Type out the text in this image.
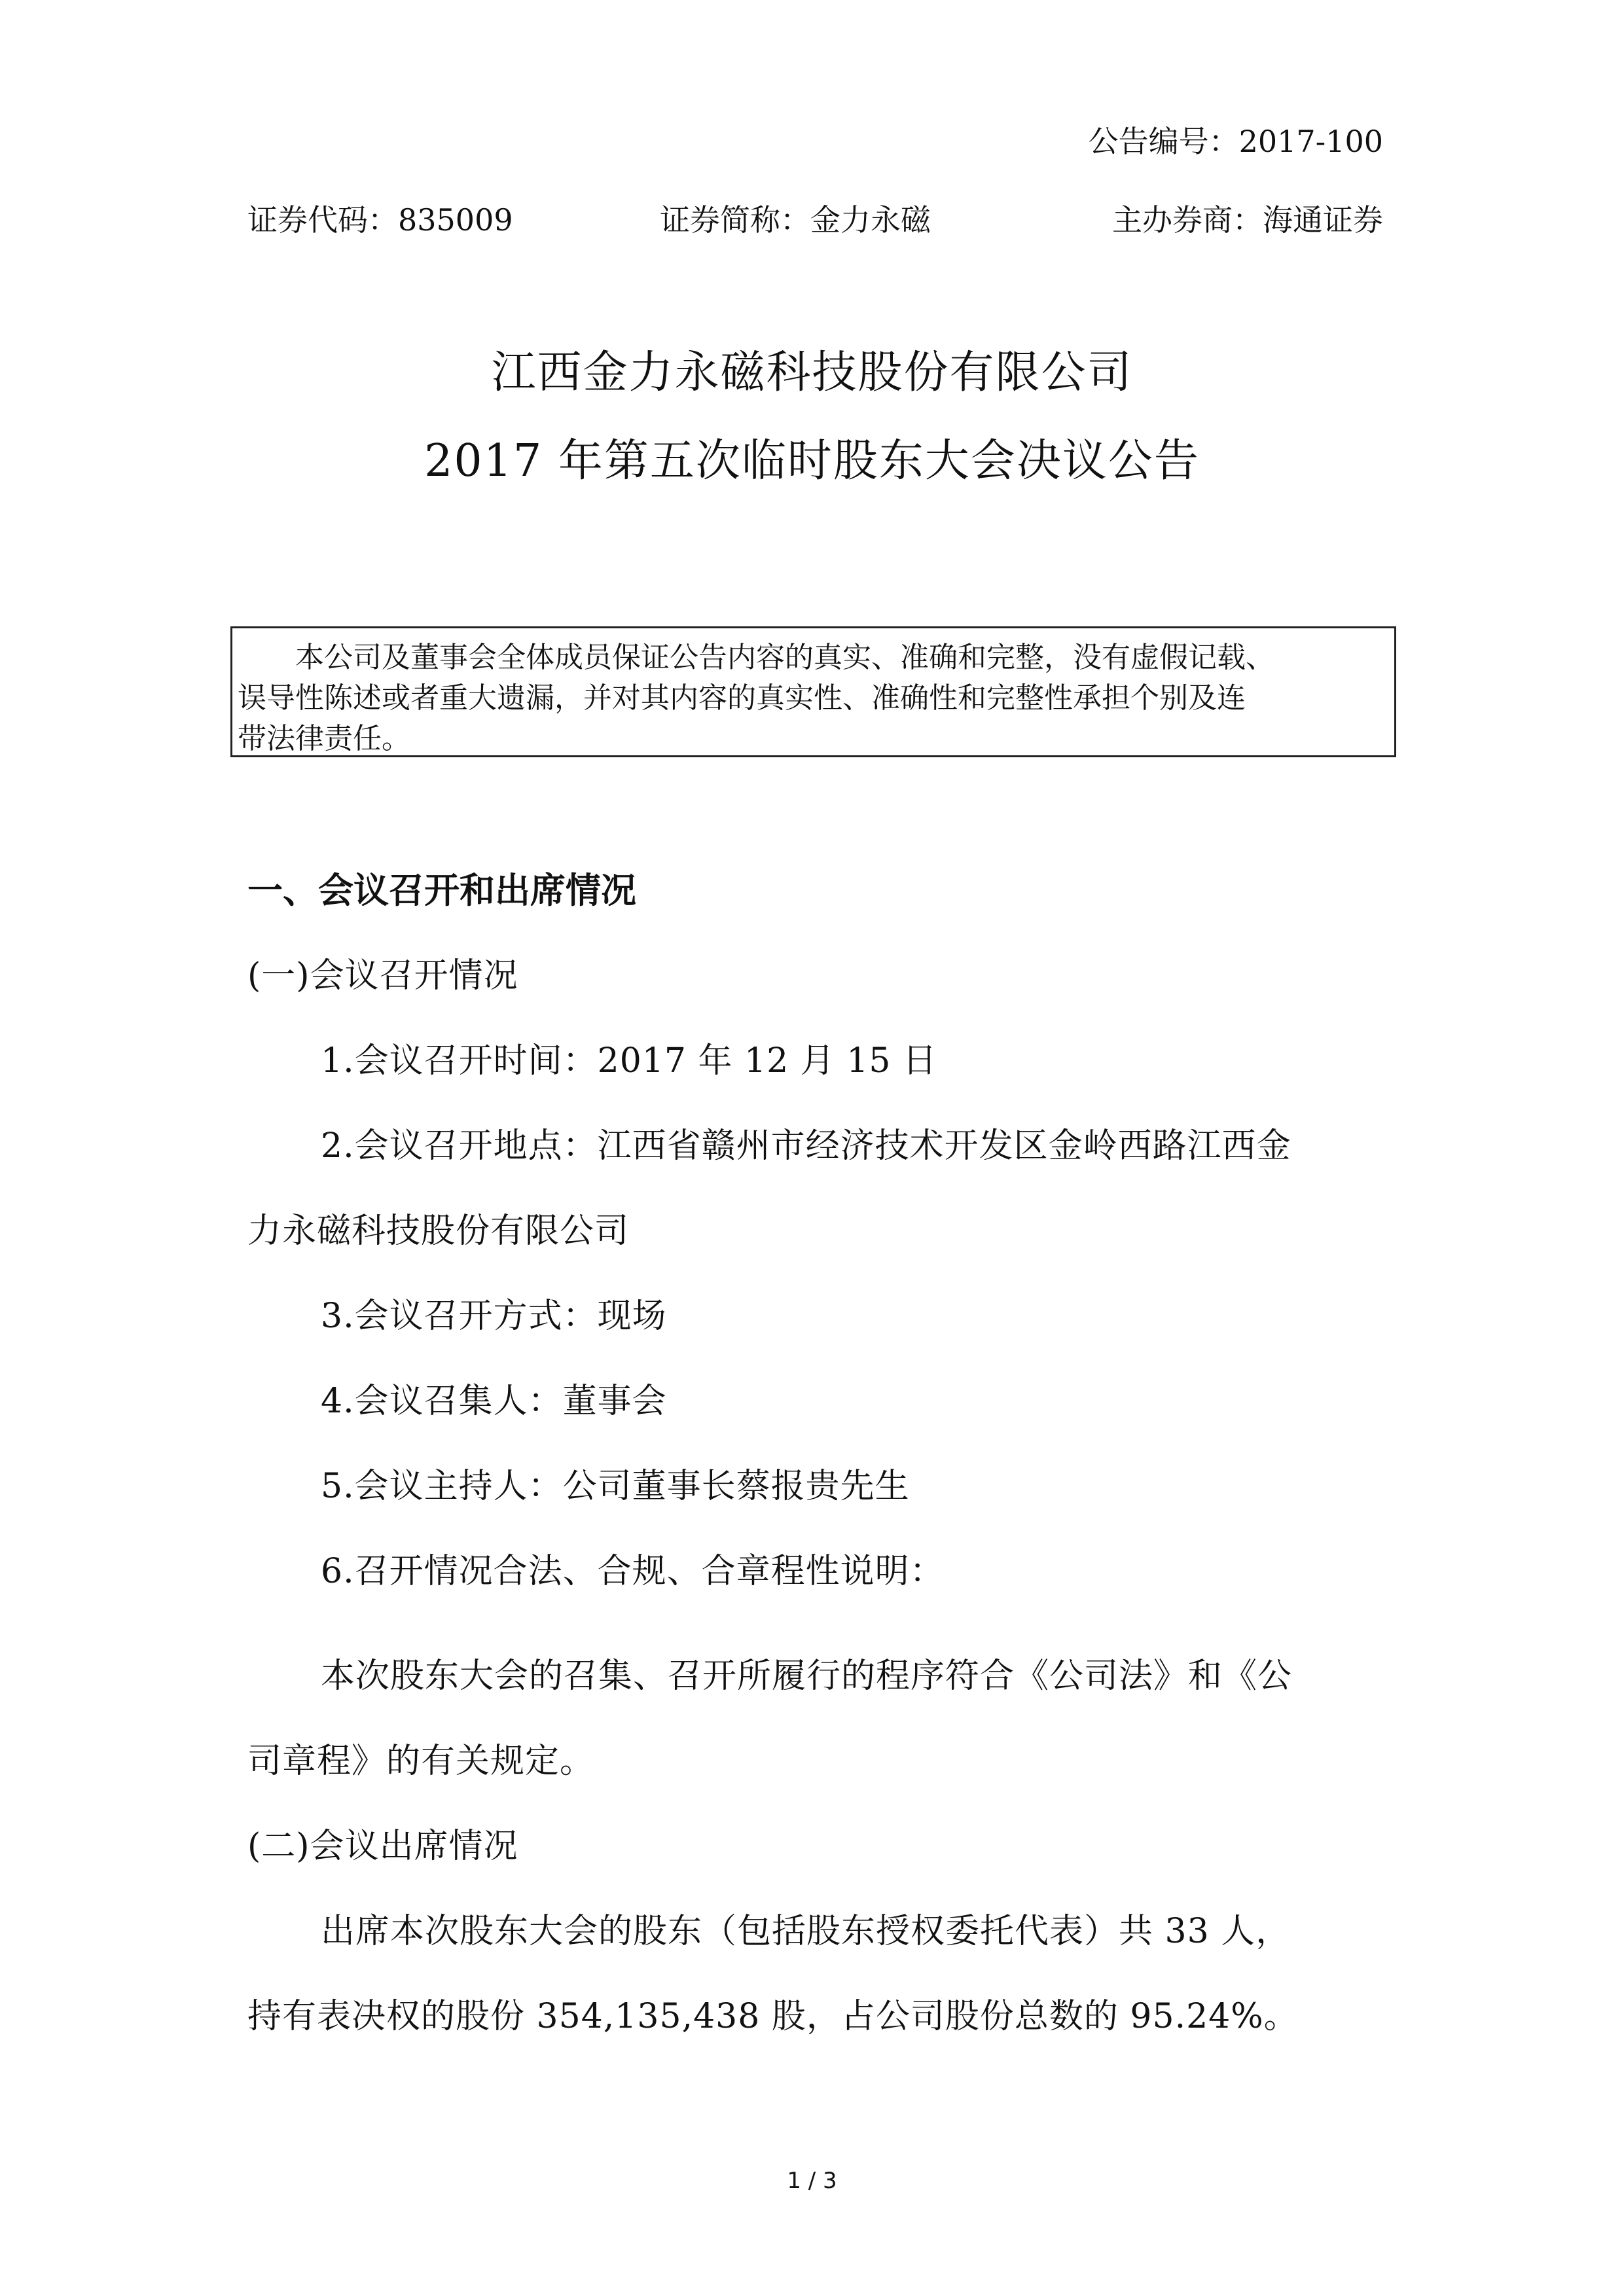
公告编号：2017-100
证券代码：835009	证券简称：金力永磁	主办券商：海通证券
江西金力永磁科技股份有限公司
2017 年第五次临时股东大会决议公告
本公司及董事会全体成员保证公告内容的真实、准确和完整，没有虚假记载、
误导性陈述或者重大遗漏，并对其内容的真实性、准确性和完整性承担个别及连
带法律责任。
一、会议召开和出席情况
(一)会议召开情况
1.会议召开时间：2017 年 12 月 15 日
2.会议召开地点：江西省赣州市经济技术开发区金岭西路江西金
力永磁科技股份有限公司
3.会议召开方式：现场
4.会议召集人：董事会
5.会议主持人：公司董事长蔡报贵先生
6.召开情况合法、合规、合章程性说明：
本次股东大会的召集、召开所履行的程序符合《公司法》和《公
司章程》的有关规定。
(二)会议出席情况
出席本次股东大会的股东（包括股东授权委托代表）共 33 人，
持有表决权的股份 354,135,438 股，占公司股份总数的 95.24%。
1 / 3
